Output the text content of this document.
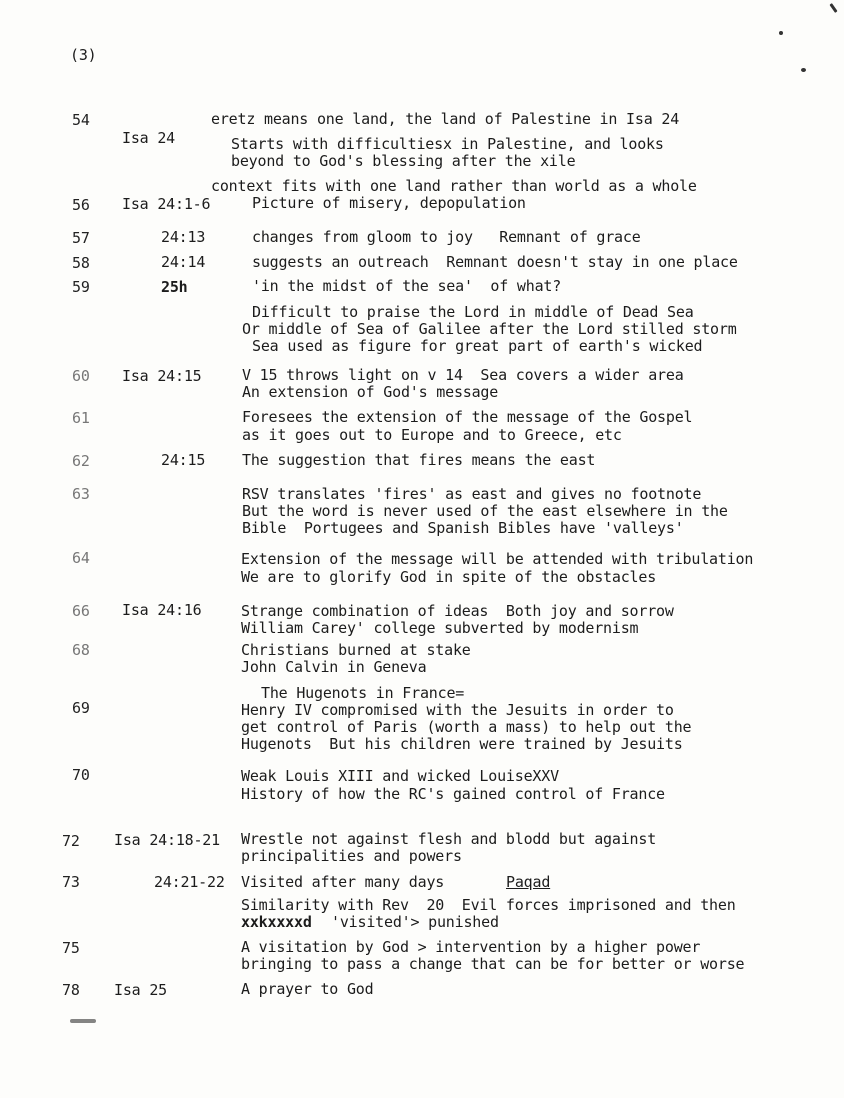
(3)
54	eretz means one land, the land of Palestine in Isa 24
Isa 24	Starts with difficultiesx in Palestine, and looks
beyond to God's blessing after the xile
context fits with one land rather than world as a whole
56 Isa 24:1-6	Picture of misery, depopulation
57	24:13	changes from gloom to joy   Remnant of grace
58	24:14	suggests an outreach  Remnant doesn't stay in one place
59	25h	'in the midst of the sea'  of what?
Difficult to praise the Lord in middle of Dead Sea
Or middle of Sea of Galilee after the Lord stilled storm
Sea used as figure for great part of earth's wicked
60 Isa 24:15	V 15 throws light on v 14  Sea covers a wider area
An extension of God's message
61	Foresees the extension of the message of the Gospel
as it goes out to Europe and to Greece, etc
62	24:15 The suggestion that fires means the east
63	RSV translates 'fires' as east and gives no footnote
But the word is never used of the east elsewhere in the
Bible  Portugees and Spanish Bibles have 'valleys'
64	Extension of the message will be attended with tribulation
We are to glorify God in spite of the obstacles
66 Isa 24:16	Strange combination of ideas  Both joy and sorrow
William Carey' college subverted by modernism
68	Christians burned at stake
John Calvin in Geneva
The Hugenots in France=
69	Henry IV compromised with the Jesuits in order to
get control of Paris (worth a mass) to help out the
Hugenots  But his children were trained by Jesuits
70	Weak Louis XIII and wicked LouiseXXV
History of how the RC's gained control of France
72 Isa 24:18-21 Wrestle not against flesh and blodd but against
principalities and powers
73	24:21-22 Visited after many days	Paqad
Similarity with Rev  20  Evil forces imprisoned and then
xxkxxxxd 'visited'> punished
75	A visitation by God > intervention by a higher power
bringing to pass a change that can be for better or worse
78 Isa 25	A prayer to God
